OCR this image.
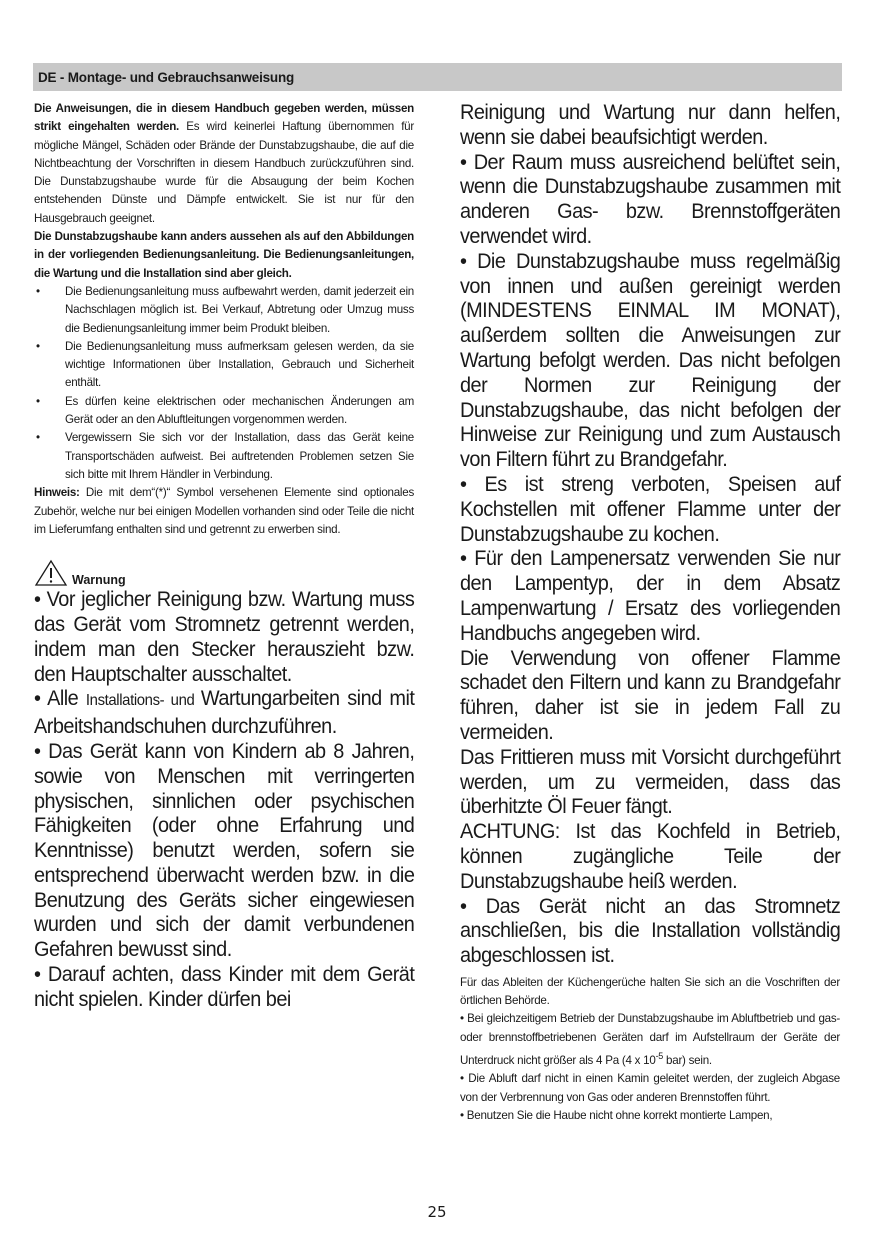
DE - Montage- und Gebrauchsanweisung

Die Anweisungen, die in diesem Handbuch gegeben werden, müssen strikt eingehalten werden. Es wird keinerlei Haftung übernommen für mögliche Mängel, Schäden oder Brände der Dunstabzugshaube, die auf die Nichtbeachtung der Vorschriften in diesem Handbuch zurückzuführen sind. Die Dunstabzugshaube wurde für die Absaugung der beim Kochen entstehenden Dünste und Dämpfe entwickelt. Sie ist nur für den Hausgebrauch geeignet.

Die Dunstabzugshaube kann anders aussehen als auf den Abbildungen in der vorliegenden Bedienungsanleitung. Die Bedienungsanleitungen, die Wartung und die Installation sind aber gleich.

• Die Bedienungsanleitung muss aufbewahrt werden, damit jederzeit ein Nachschlagen möglich ist. Bei Verkauf, Abtretung oder Umzug muss die Bedienungsanleitung immer beim Produkt bleiben.
• Die Bedienungsanleitung muss aufmerksam gelesen werden, da sie wichtige Informationen über Installation, Gebrauch und Sicherheit enthält.
• Es dürfen keine elektrischen oder mechanischen Änderungen am Gerät oder an den Abluftleitungen vorgenommen werden.
• Vergewissern Sie sich vor der Installation, dass das Gerät keine Transportschäden aufweist. Bei auftretenden Problemen setzen Sie sich bitte mit Ihrem Händler in Verbindung.

Hinweis: Die mit dem“(*)“ Symbol versehenen Elemente sind optionales Zubehör, welche nur bei einigen Modellen vorhanden sind oder Teile die nicht im Lieferumfang enthalten sind und getrennt zu erwerben sind.

Warnung

• Vor jeglicher Reinigung bzw. Wartung muss das Gerät vom Stromnetz getrennt werden, indem man den Stecker herauszieht bzw. den Hauptschalter ausschaltet.

• Alle Installations- und Wartungarbeiten sind mit Arbeitshandschuhen durchzuführen.

• Das Gerät kann von Kindern ab 8 Jahren, sowie von Menschen mit verringerten physischen, sinnlichen oder psychischen Fähigkeiten (oder ohne Erfahrung und Kenntnisse) benutzt werden, sofern sie entsprechend überwacht werden bzw. in die Benutzung des Geräts sicher eingewiesen wurden und sich der damit verbundenen Gefahren bewusst sind.

• Darauf achten, dass Kinder mit dem Gerät nicht spielen. Kinder dürfen bei

Reinigung und Wartung nur dann helfen, wenn sie dabei beaufsichtigt werden.

• Der Raum muss ausreichend belüftet sein, wenn die Dunstabzugshaube zusammen mit anderen Gas- bzw. Brennstoffgeräten verwendet wird.

• Die Dunstabzugshaube muss regelmäßig von innen und außen gereinigt werden (MINDESTENS EINMAL IM MONAT), außerdem sollten die Anweisungen zur Wartung befolgt werden. Das nicht befolgen der Normen zur Reinigung der Dunstabzugshaube, das nicht befolgen der Hinweise zur Reinigung und zum Austausch von Filtern führt zu Brandgefahr.

• Es ist streng verboten, Speisen auf Kochstellen mit offener Flamme unter der Dunstabzugshaube zu kochen.

• Für den Lampenersatz verwenden Sie nur den Lampentyp, der in dem Absatz Lampenwartung / Ersatz des vorliegenden Handbuchs angegeben wird.

Die Verwendung von offener Flamme schadet den Filtern und kann zu Brandgefahr führen, daher ist sie in jedem Fall zu vermeiden.

Das Frittieren muss mit Vorsicht durchgeführt werden, um zu vermeiden, dass das überhitzte Öl Feuer fängt.

ACHTUNG: Ist das Kochfeld in Betrieb, können zugängliche Teile der Dunstabzugshaube heiß werden.

• Das Gerät nicht an das Stromnetz anschließen, bis die Installation vollständig abgeschlossen ist.

Für das Ableiten der Küchengerüche halten Sie sich an die Voschriften der örtlichen Behörde.

• Bei gleichzeitigem Betrieb der Dunstabzugshaube im Abluftbetrieb und gas- oder brennstoffbetriebenen Geräten darf im Aufstellraum der Geräte der Unterdruck nicht größer als 4 Pa (4 x $10^{-5}$ bar) sein.

• Die Abluft darf nicht in einen Kamin geleitet werden, der zugleich Abgase von der Verbrennung von Gas oder anderen Brennstoffen führt.

• Benutzen Sie die Haube nicht ohne korrekt montierte Lampen,

25
